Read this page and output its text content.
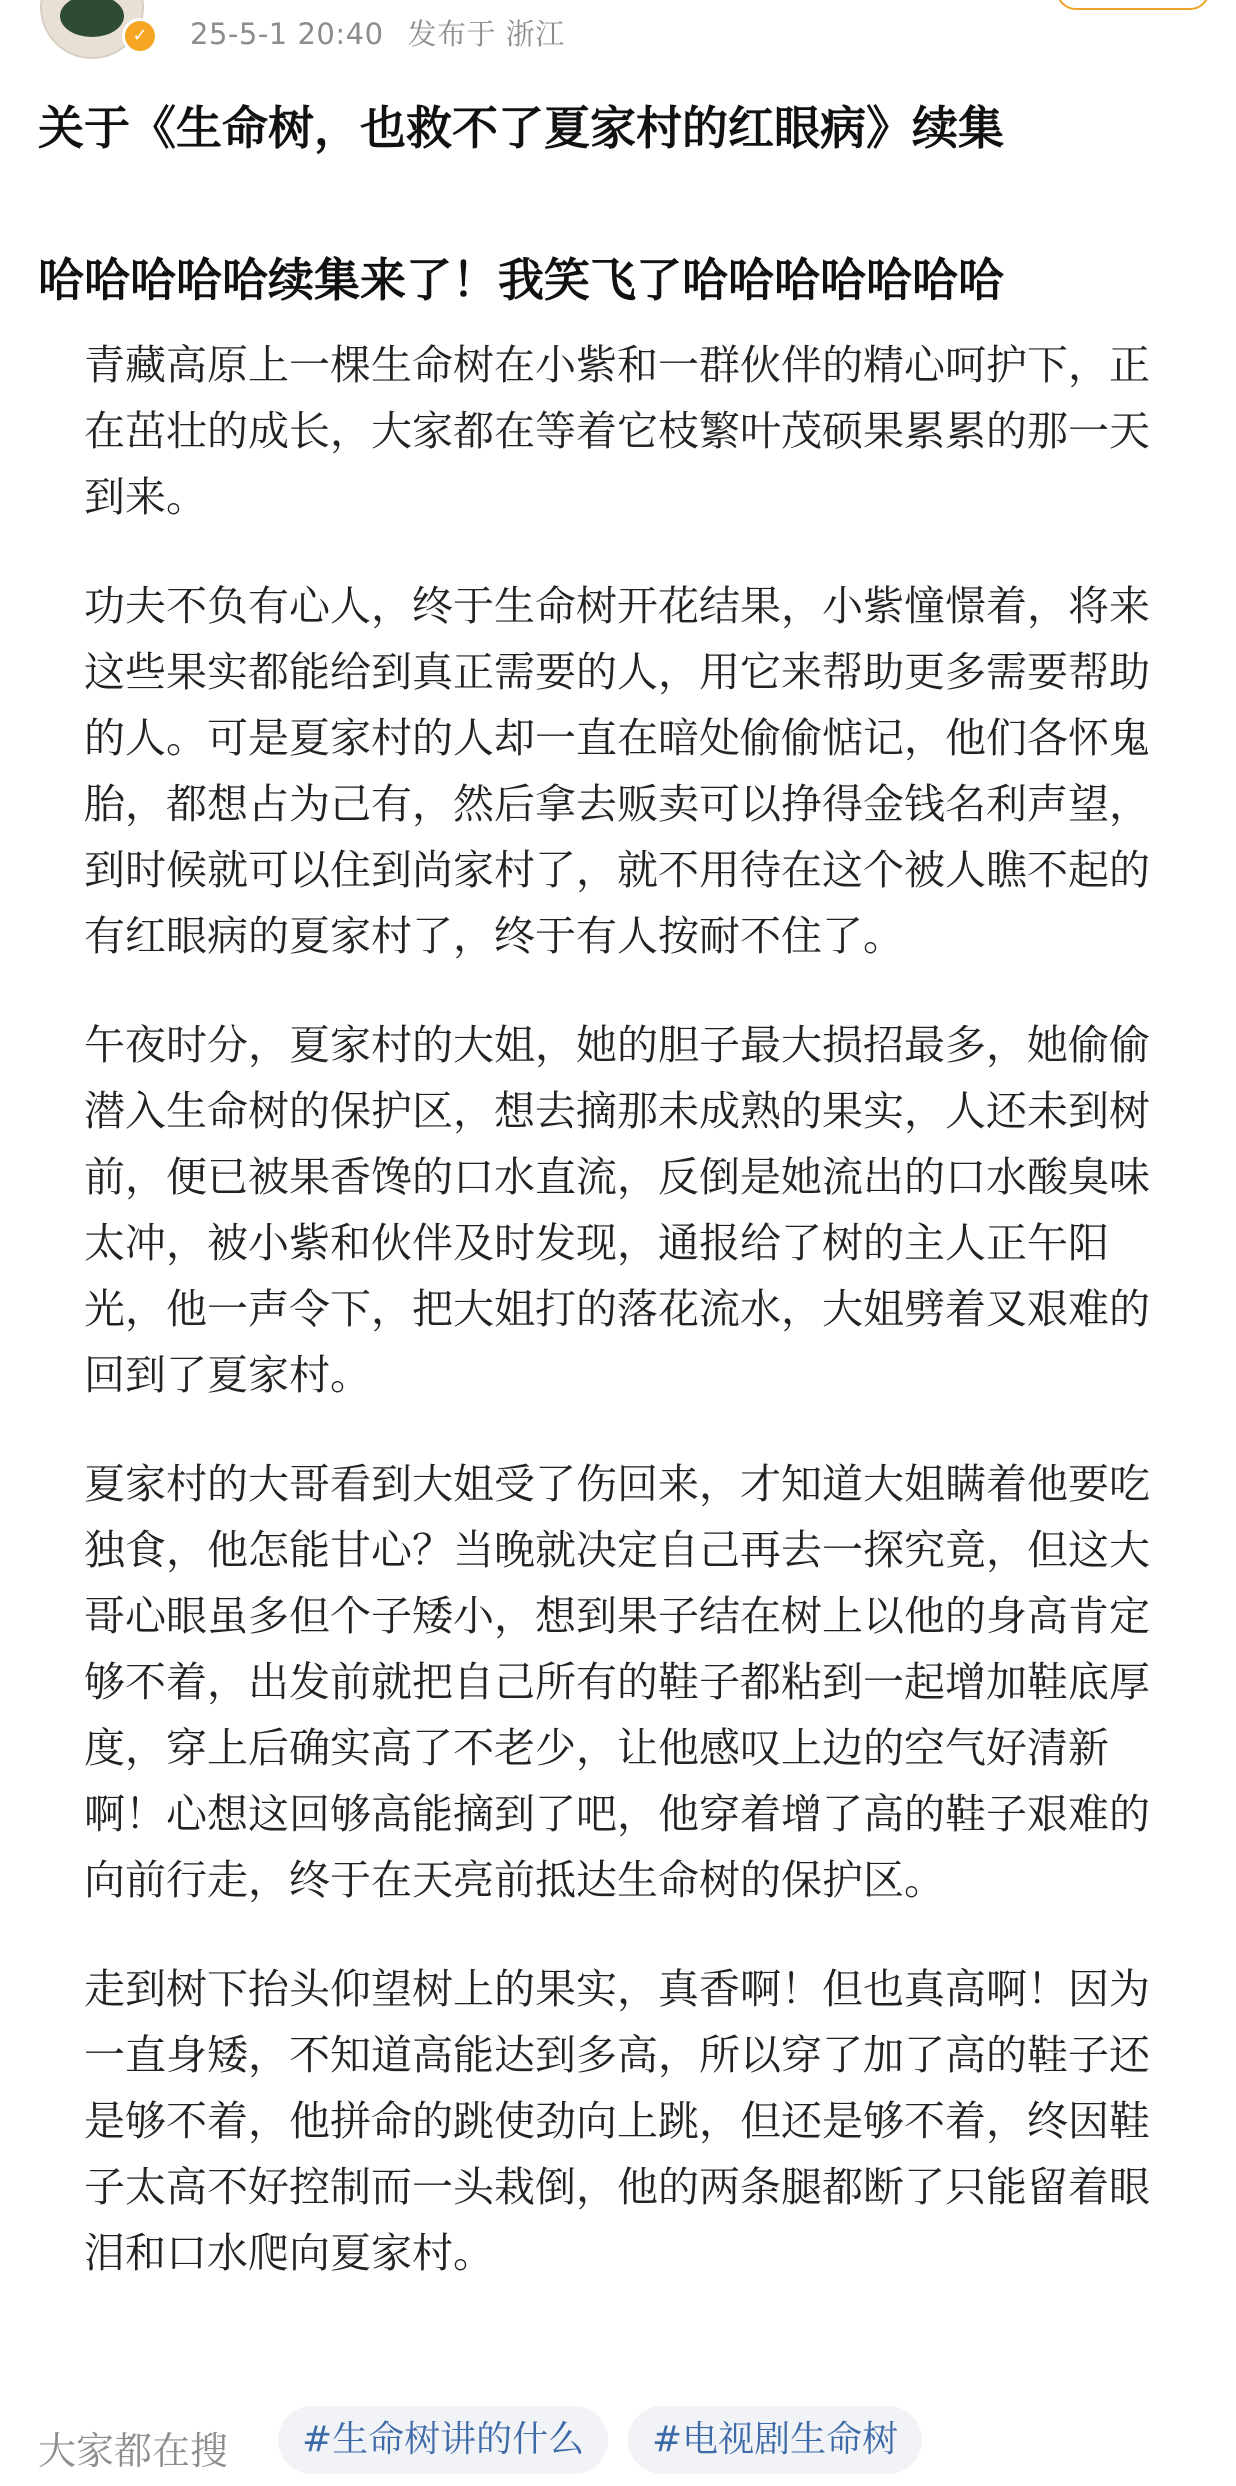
✓	25-5-1 20:40 发布于 浙江
关于《生命树，也救不了夏家村的红眼病》续集
哈哈哈哈哈续集来了！我笑飞了哈哈哈哈哈哈哈

青藏高原上一棵生命树在小紫和一群伙伴的精心呵护下，正在茁壮的成长，大家都在等着它枝繁叶茂硕果累累的那一天到来。

功夫不负有心人，终于生命树开花结果，小紫憧憬着，将来这些果实都能给到真正需要的人，用它来帮助更多需要帮助的人。可是夏家村的人却一直在暗处偷偷惦记，他们各怀鬼胎，都想占为己有，然后拿去贩卖可以挣得金钱名利声望，到时候就可以住到尚家村了，就不用待在这个被人瞧不起的有红眼病的夏家村了，终于有人按耐不住了。

午夜时分，夏家村的大姐，她的胆子最大损招最多，她偷偷潜入生命树的保护区，想去摘那未成熟的果实，人还未到树前，便已被果香馋的口水直流，反倒是她流出的口水酸臭味太冲，被小紫和伙伴及时发现，通报给了树的主人正午阳光，他一声令下，把大姐打的落花流水，大姐劈着叉艰难的回到了夏家村。

夏家村的大哥看到大姐受了伤回来，才知道大姐瞒着他要吃独食，他怎能甘心？当晚就决定自己再去一探究竟，但这大哥心眼虽多但个子矮小，想到果子结在树上以他的身高肯定够不着，出发前就把自己所有的鞋子都粘到一起增加鞋底厚度，穿上后确实高了不老少，让他感叹上边的空气好清新啊！心想这回够高能摘到了吧，他穿着增了高的鞋子艰难的向前行走，终于在天亮前抵达生命树的保护区。

走到树下抬头仰望树上的果实，真香啊！但也真高啊！因为一直身矮，不知道高能达到多高，所以穿了加了高的鞋子还是够不着，他拼命的跳使劲向上跳，但还是够不着，终因鞋子太高不好控制而一头栽倒，他的两条腿都断了只能留着眼泪和口水爬向夏家村。

大家都在搜	#生命树讲的什么	#电视剧生命树
